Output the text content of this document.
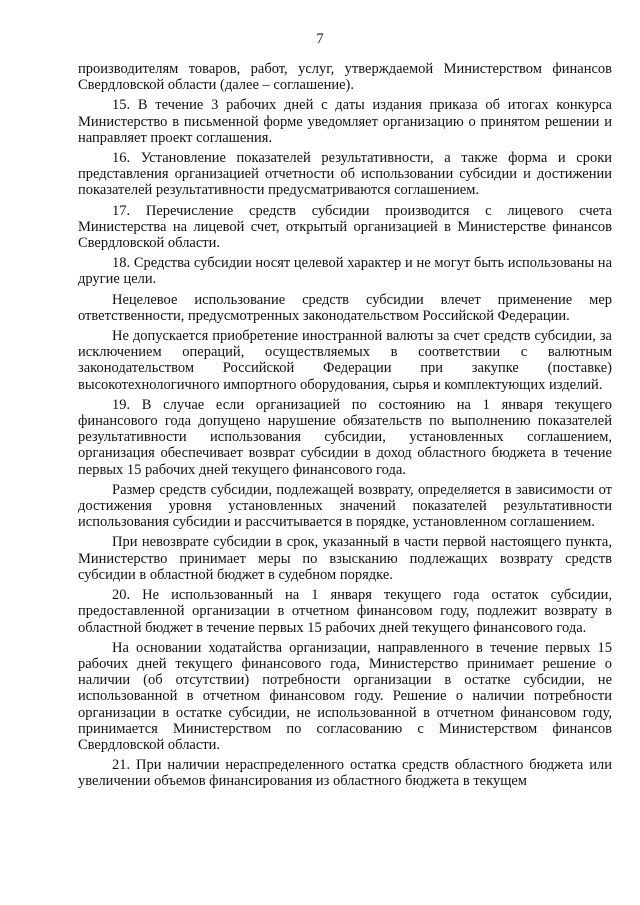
7

производителям товаров, работ, услуг, утверждаемой Министерством финансов Свердловской области (далее – соглашение).

15. В течение 3 рабочих дней с даты издания приказа об итогах конкурса Министерство в письменной форме уведомляет организацию о принятом решении и направляет проект соглашения.

16. Установление показателей результативности, а также форма и сроки представления организацией отчетности об использовании субсидии и достижении показателей результативности предусматриваются соглашением.

17. Перечисление средств субсидии производится с лицевого счета Министерства на лицевой счет, открытый организацией в Министерстве финансов Свердловской области.

18. Средства субсидии носят целевой характер и не могут быть использованы на другие цели.

Нецелевое использование средств субсидии влечет применение мер ответственности, предусмотренных законодательством Российской Федерации.

Не допускается приобретение иностранной валюты за счет средств субсидии, за исключением операций, осуществляемых в соответствии с валютным законодательством Российской Федерации при закупке (поставке) высокотехнологичного импортного оборудования, сырья и комплектующих изделий.

19. В случае если организацией по состоянию на 1 января текущего финансового года допущено нарушение обязательств по выполнению показателей результативности использования субсидии, установленных соглашением, организация обеспечивает возврат субсидии в доход областного бюджета в течение первых 15 рабочих дней текущего финансового года.

Размер средств субсидии, подлежащей возврату, определяется в зависимости от достижения уровня установленных значений показателей результативности использования субсидии и рассчитывается в порядке, установленном соглашением.

При невозврате субсидии в срок, указанный в части первой настоящего пункта, Министерство принимает меры по взысканию подлежащих возврату средств субсидии в областной бюджет в судебном порядке.

20. Не использованный на 1 января текущего года остаток субсидии, предоставленной организации в отчетном финансовом году, подлежит возврату в областной бюджет в течение первых 15 рабочих дней текущего финансового года.

На основании ходатайства организации, направленного в течение первых 15 рабочих дней текущего финансового года, Министерство принимает решение о наличии (об отсутствии) потребности организации в остатке субсидии, не использованной в отчетном финансовом году. Решение о наличии потребности организации в остатке субсидии, не использованной в отчетном финансовом году, принимается Министерством по согласованию с Министерством финансов Свердловской области.

21. При наличии нераспределенного остатка средств областного бюджета или увеличении объемов финансирования из областного бюджета в текущем
